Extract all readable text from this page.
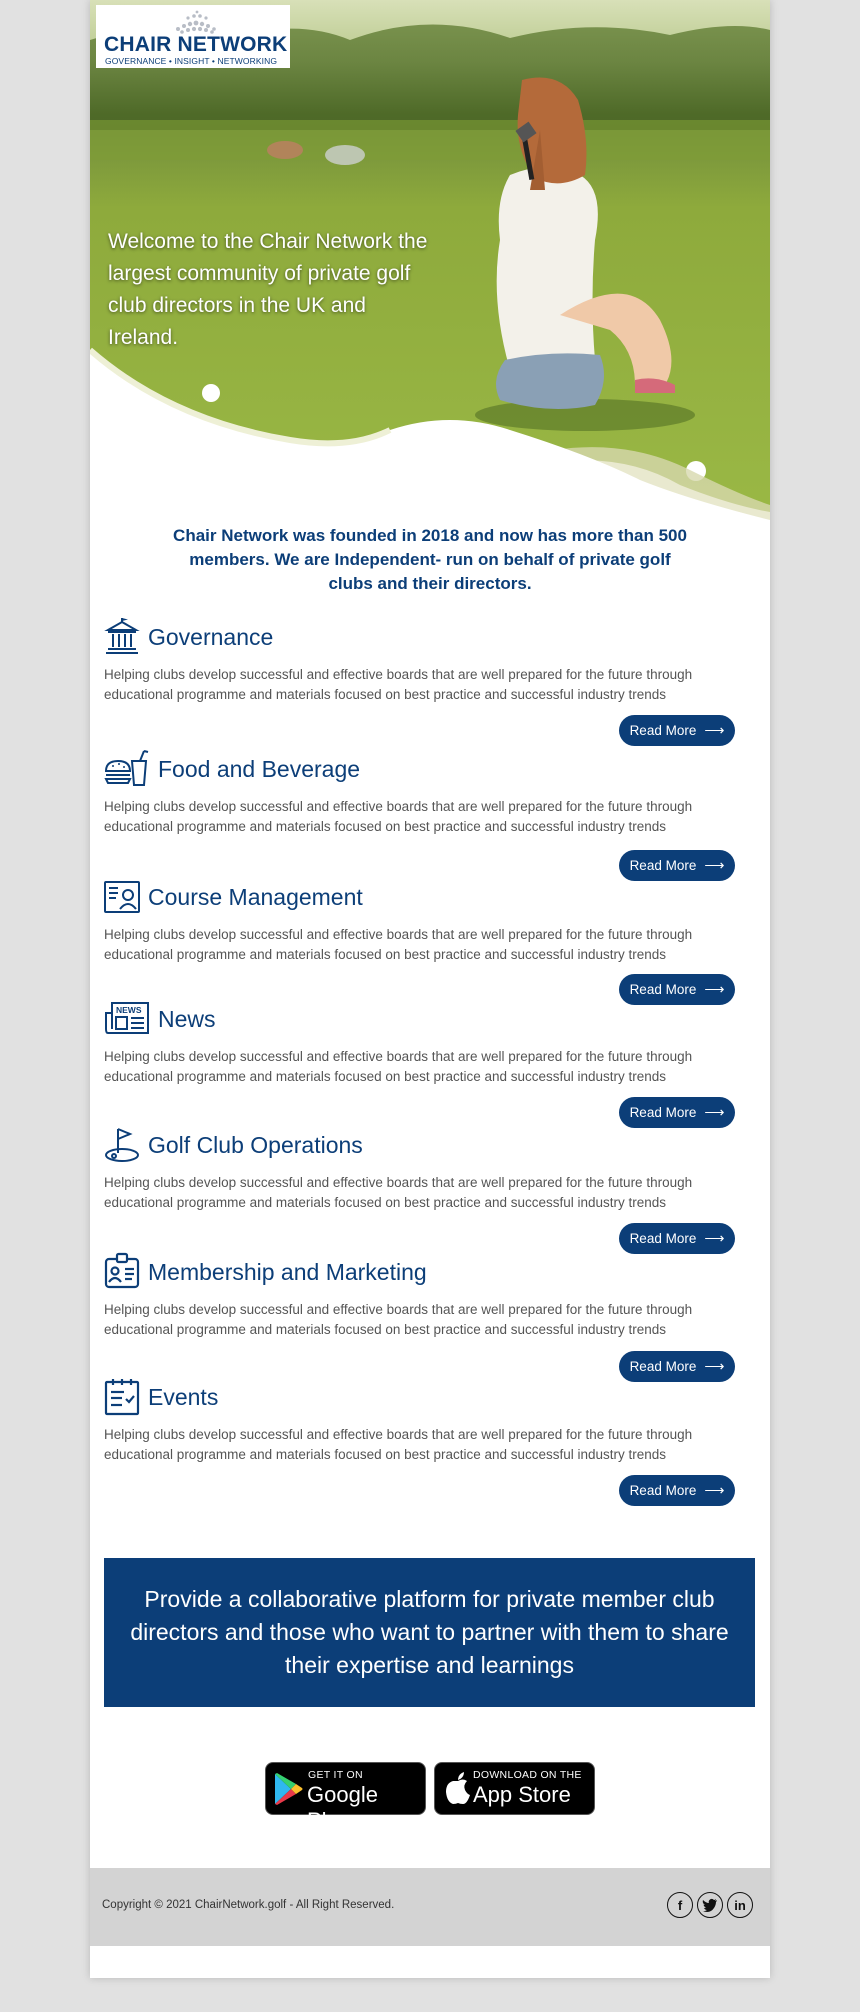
CHAIR NETWORK
GOVERNANCE • INSIGHT • NETWORKING

Welcome to the Chair Network the largest community of private golf club directors in the UK and Ireland.

Chair Network was founded in 2018 and now has more than 500 members. We are Independent- run on behalf of private golf clubs and their directors.

Governance

Helping clubs develop successful and effective boards that are well prepared for the future through educational programme and materials focused on best practice and successful industry trends

Read More ⟶
Food and Beverage

Helping clubs develop successful and effective boards that are well prepared for the future through educational programme and materials focused on best practice and successful industry trends

Read More ⟶
Course Management

Helping clubs develop successful and effective boards that are well prepared for the future through educational programme and materials focused on best practice and successful industry trends

Read More ⟶
NEWS News

Helping clubs develop successful and effective boards that are well prepared for the future through educational programme and materials focused on best practice and successful industry trends

Read More ⟶
Golf Club Operations

Helping clubs develop successful and effective boards that are well prepared for the future through educational programme and materials focused on best practice and successful industry trends

Read More ⟶
Membership and Marketing

Helping clubs develop successful and effective boards that are well prepared for the future through educational programme and materials focused on best practice and successful industry trends

Read More ⟶
Events

Helping clubs develop successful and effective boards that are well prepared for the future through educational programme and materials focused on best practice and successful industry trends

Read More ⟶

Provide a collaborative platform for private member club directors and those who want to partner with them to share their expertise and learnings

GET IT ON
Google Play
DOWNLOAD ON THE
App Store
Copyright © 2021 ChairNetwork.golf - All Right Reserved.	f	in
